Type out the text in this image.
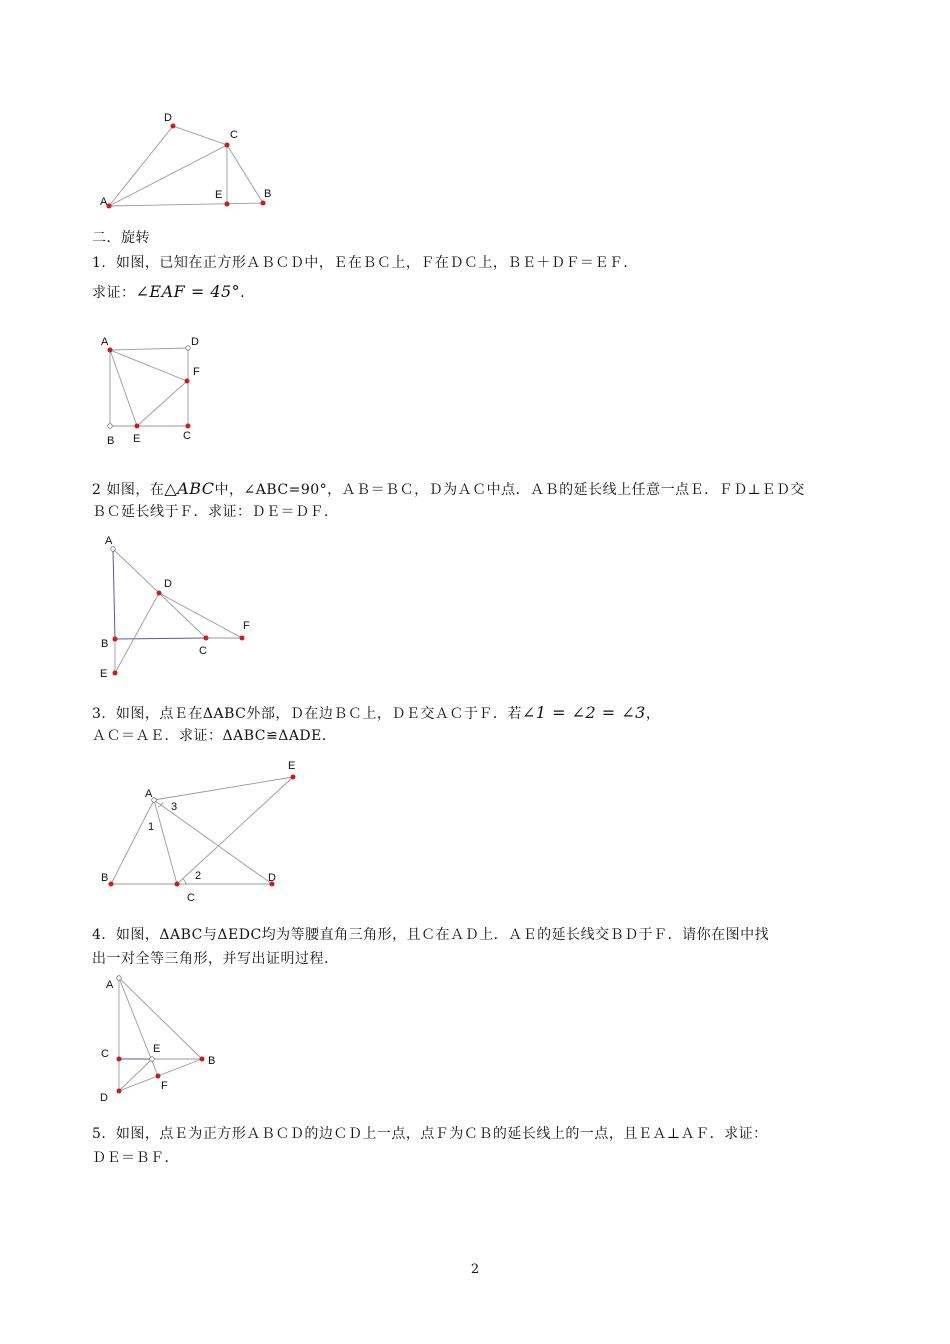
D
C
A
E	B
二．旋转
1．如图，已知在正方形ＡＢＣＤ中，Ｅ在ＢＣ上，Ｆ在ＤＣ上，ＢＥ＋ＤＦ＝ＥＦ．
求证：∠EAF = 45°．
A	D
F
B E	C
2 如图，在△ABC中，∠ABC=90°，ＡＢ＝ＢＣ，Ｄ为ＡＣ中点．ＡＢ的延长线上任意一点Ｅ．ＦＤ⊥ＥＤ交
ＢＣ延长线于Ｆ．求证：ＤＥ＝ＤＦ．
A
D
F
B
C
E
3．如图，点Ｅ在ΔABC外部，Ｄ在边ＢＣ上，ＤＥ交ＡＣ于Ｆ．若∠1 = ∠2 = ∠3，
ＡＣ＝ＡＥ．求证：ΔABC≌ΔADE．
E
A
3
1
B	2	D
C
4．如图，ΔABC与ΔEDC均为等腰直角三角形，且Ｃ在ＡＤ上．ＡＥ的延长线交ＢＤ于Ｆ．请你在图中找
出一对全等三角形，并写出证明过程．
A
C	E
B
F
D
5．如图，点Ｅ为正方形ＡＢＣＤ的边ＣＤ上一点，点Ｆ为ＣＢ的延长线上的一点，且ＥＡ⊥ＡＦ．求证：
ＤＥ＝ＢＦ．
2
